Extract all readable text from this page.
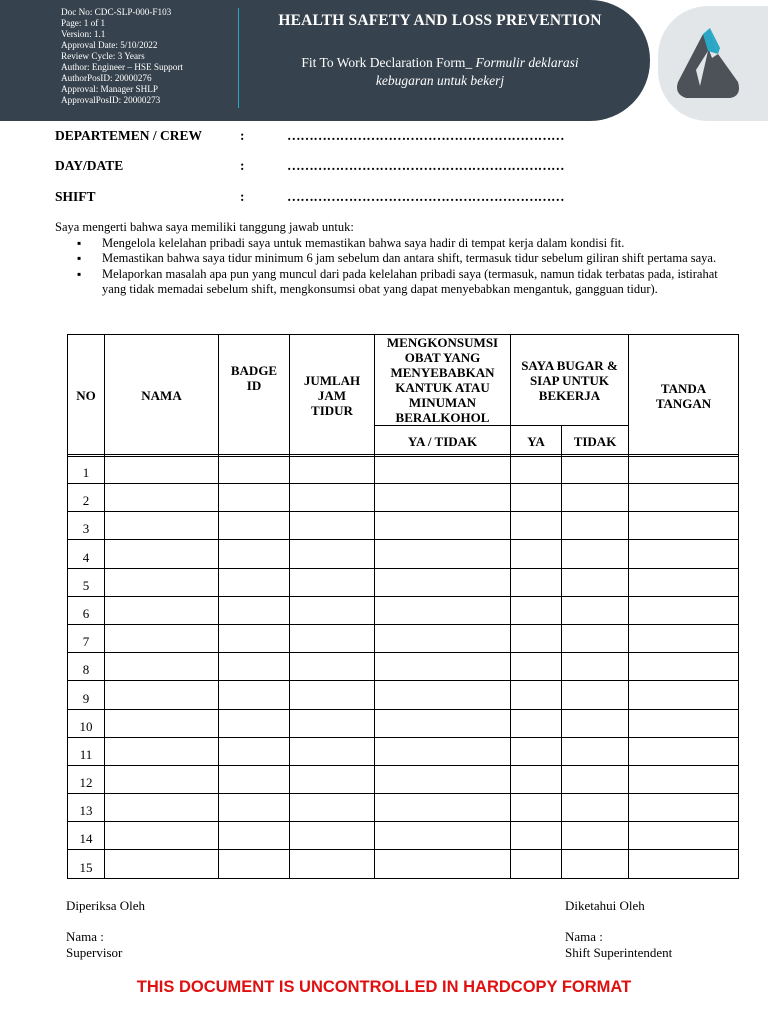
Doc No: CDC-SLP-000-F103
Page: 1 of 1
Version: 1.1
Approval Date: 5/10/2022
Review Cycle: 3 Years
Author: Engineer – HSE Support
AuthorPosID: 20000276
Approval: Manager SHLP
ApprovalPosID: 20000273
HEALTH SAFETY AND LOSS PREVENTION
Fit To Work Declaration Form_ Formulir deklarasi
kebugaran untuk bekerj
DEPARTEMEN / CREW	:	………………………………………………………
DAY/DATE	:	………………………………………………………
SHIFT	:	………………………………………………………
Saya mengerti bahwa saya memiliki tanggung jawab untuk:
▪ Mengelola kelelahan pribadi saya untuk memastikan bahwa saya hadir di tempat kerja dalam kondisi fit.
▪ Memastikan bahwa saya tidur minimum 6 jam sebelum dan antara shift, termasuk tidur sebelum giliran shift pertama saya.
▪ Melaporkan masalah apa pun yang muncul dari pada kelelahan pribadi saya (termasuk, namun tidak terbatas pada, istirahat yang tidak memadai sebelum shift, mengkonsumsi obat yang dapat menyebabkan mengantuk, gangguan tidur).
NO	NAMA	BADGE ID	JUMLAH JAM TIDUR	MENGKONSUMSI OBAT YANG MENYEBABKAN KANTUK ATAU MINUMAN BERALKOHOL	SAYA BUGAR & SIAP UNTUK BEKERJA		TANDA TANGAN
				YA / TIDAK	YA	TIDAK	
1							
2							
3							
4							
5							
6							
7							
8							
9							
10							
11							
12							
13							
14							
15							
Diperiksa Oleh
Nama :
Supervisor
Diketahui Oleh
Nama :
Shift Superintendent
THIS DOCUMENT IS UNCONTROLLED IN HARDCOPY FORMAT
